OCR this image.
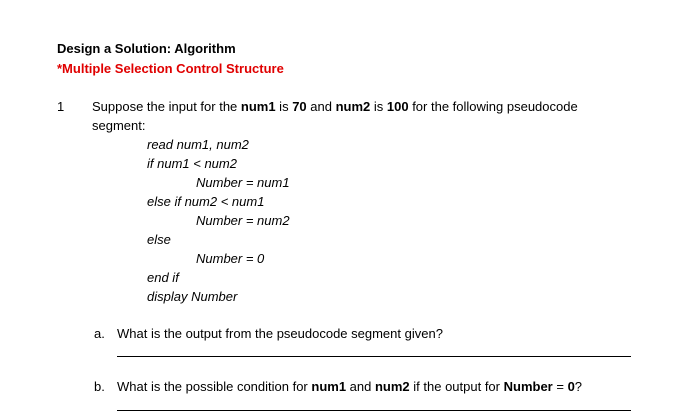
Design a Solution: Algorithm
*Multiple Selection Control Structure
1 Suppose the input for the num1 is 70 and num2 is 100 for the following pseudocode
segment:
read num1, num2
if num1 < num2
Number = num1
else if num2 < num1
Number = num2
else
Number = 0
end if
display Number
a. What is the output from the pseudocode segment given?
b. What is the possible condition for num1 and num2 if the output for Number = 0?
